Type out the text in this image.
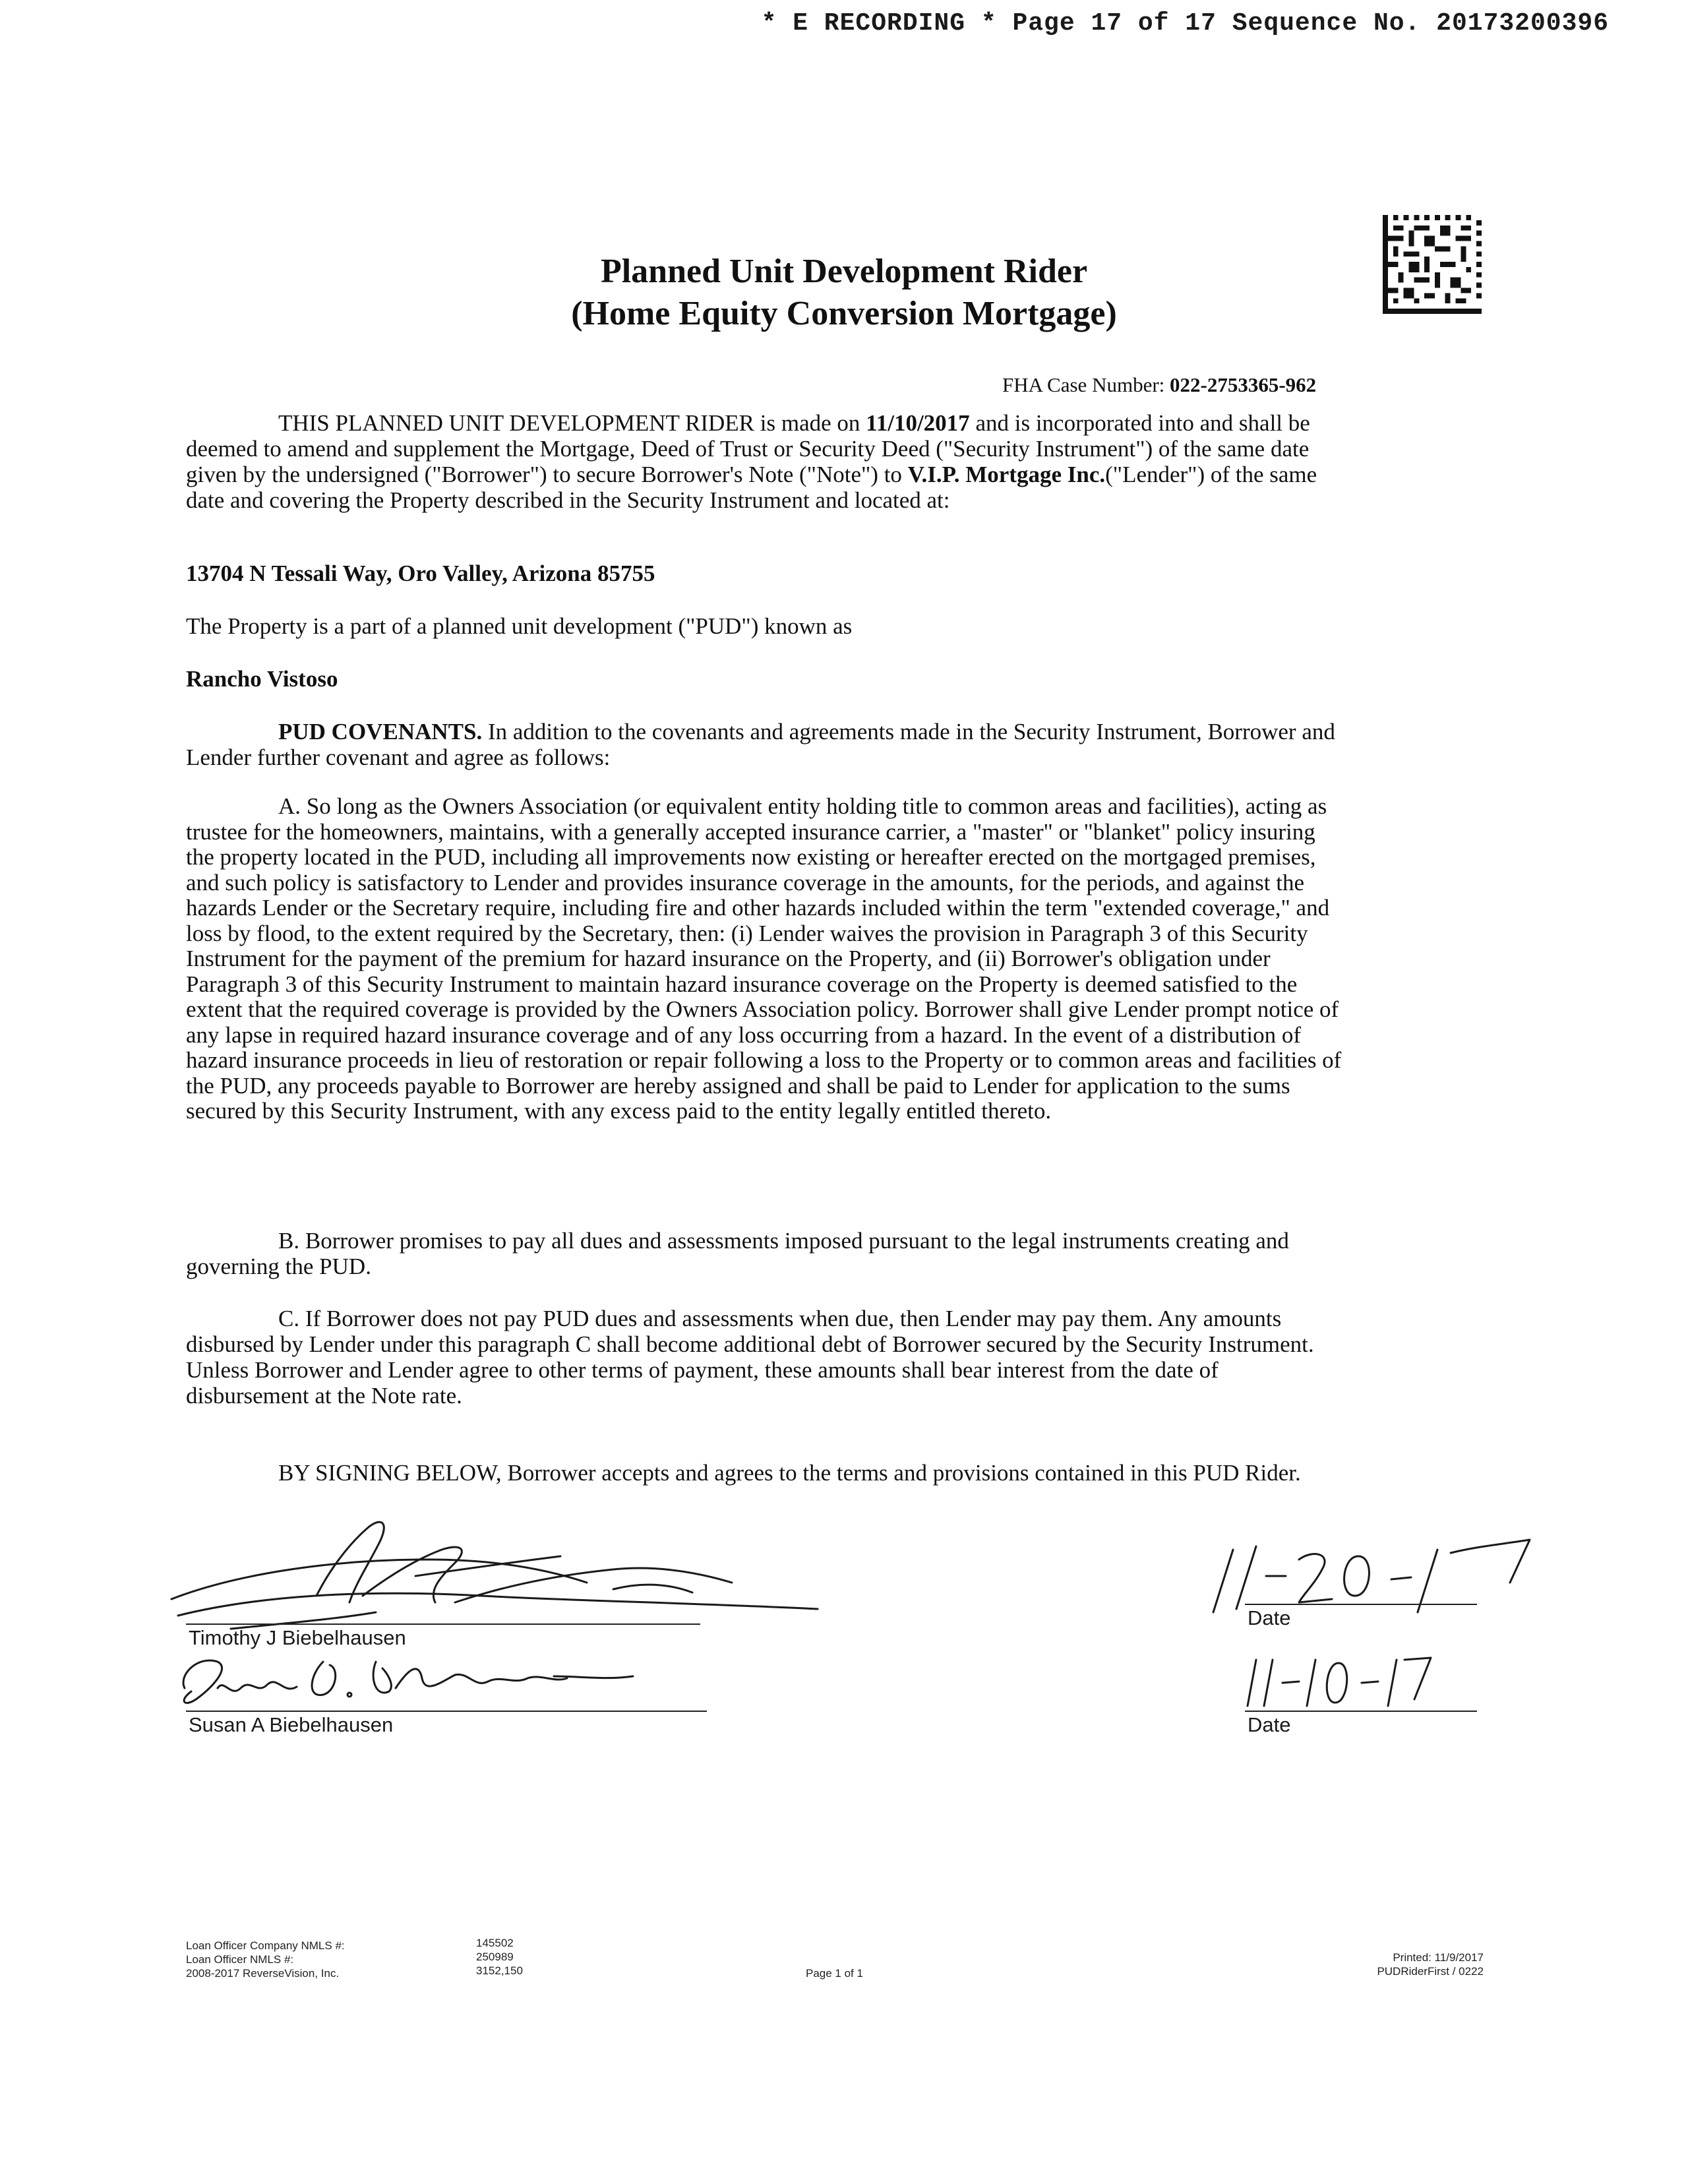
* E RECORDING * Page 17 of 17 Sequence No. 20173200396
Planned Unit Development Rider
(Home Equity Conversion Mortgage)
FHA Case Number: 022-2753365-962
THIS PLANNED UNIT DEVELOPMENT RIDER is made on 11/10/2017 and is incorporated into and shall be deemed to amend and supplement the Mortgage, Deed of Trust or Security Deed ("Security Instrument") of the same date given by the undersigned ("Borrower") to secure Borrower's Note ("Note") to V.I.P. Mortgage Inc.("Lender") of the same date and covering the Property described in the Security Instrument and located at:
13704 N Tessali Way, Oro Valley, Arizona 85755
The Property is a part of a planned unit development ("PUD") known as
Rancho Vistoso
PUD COVENANTS. In addition to the covenants and agreements made in the Security Instrument, Borrower and Lender further covenant and agree as follows:
A. So long as the Owners Association (or equivalent entity holding title to common areas and facilities), acting as trustee for the homeowners, maintains, with a generally accepted insurance carrier, a "master" or "blanket" policy insuring the property located in the PUD, including all improvements now existing or hereafter erected on the mortgaged premises, and such policy is satisfactory to Lender and provides insurance coverage in the amounts, for the periods, and against the hazards Lender or the Secretary require, including fire and other hazards included within the term "extended coverage," and loss by flood, to the extent required by the Secretary, then: (i) Lender waives the provision in Paragraph 3 of this Security Instrument for the payment of the premium for hazard insurance on the Property, and (ii) Borrower's obligation under Paragraph 3 of this Security Instrument to maintain hazard insurance coverage on the Property is deemed satisfied to the extent that the required coverage is provided by the Owners Association policy. Borrower shall give Lender prompt notice of any lapse in required hazard insurance coverage and of any loss occurring from a hazard. In the event of a distribution of hazard insurance proceeds in lieu of restoration or repair following a loss to the Property or to common areas and facilities of the PUD, any proceeds payable to Borrower are hereby assigned and shall be paid to Lender for application to the sums secured by this Security Instrument, with any excess paid to the entity legally entitled thereto.
B. Borrower promises to pay all dues and assessments imposed pursuant to the legal instruments creating and governing the PUD.
C. If Borrower does not pay PUD dues and assessments when due, then Lender may pay them. Any amounts disbursed by Lender under this paragraph C shall become additional debt of Borrower secured by the Security Instrument. Unless Borrower and Lender agree to other terms of payment, these amounts shall bear interest from the date of disbursement at the Note rate.
BY SIGNING BELOW, Borrower accepts and agrees to the terms and provisions contained in this PUD Rider.
Timothy J Biebelhausen
Susan A Biebelhausen
Date
Date
Loan Officer Company NMLS #:
Loan Officer NMLS #:
2008-2017 ReverseVision, Inc.
145502
250989
3152,150	Page 1 of 1
Printed: 11/9/2017
PUDRiderFirst / 0222
